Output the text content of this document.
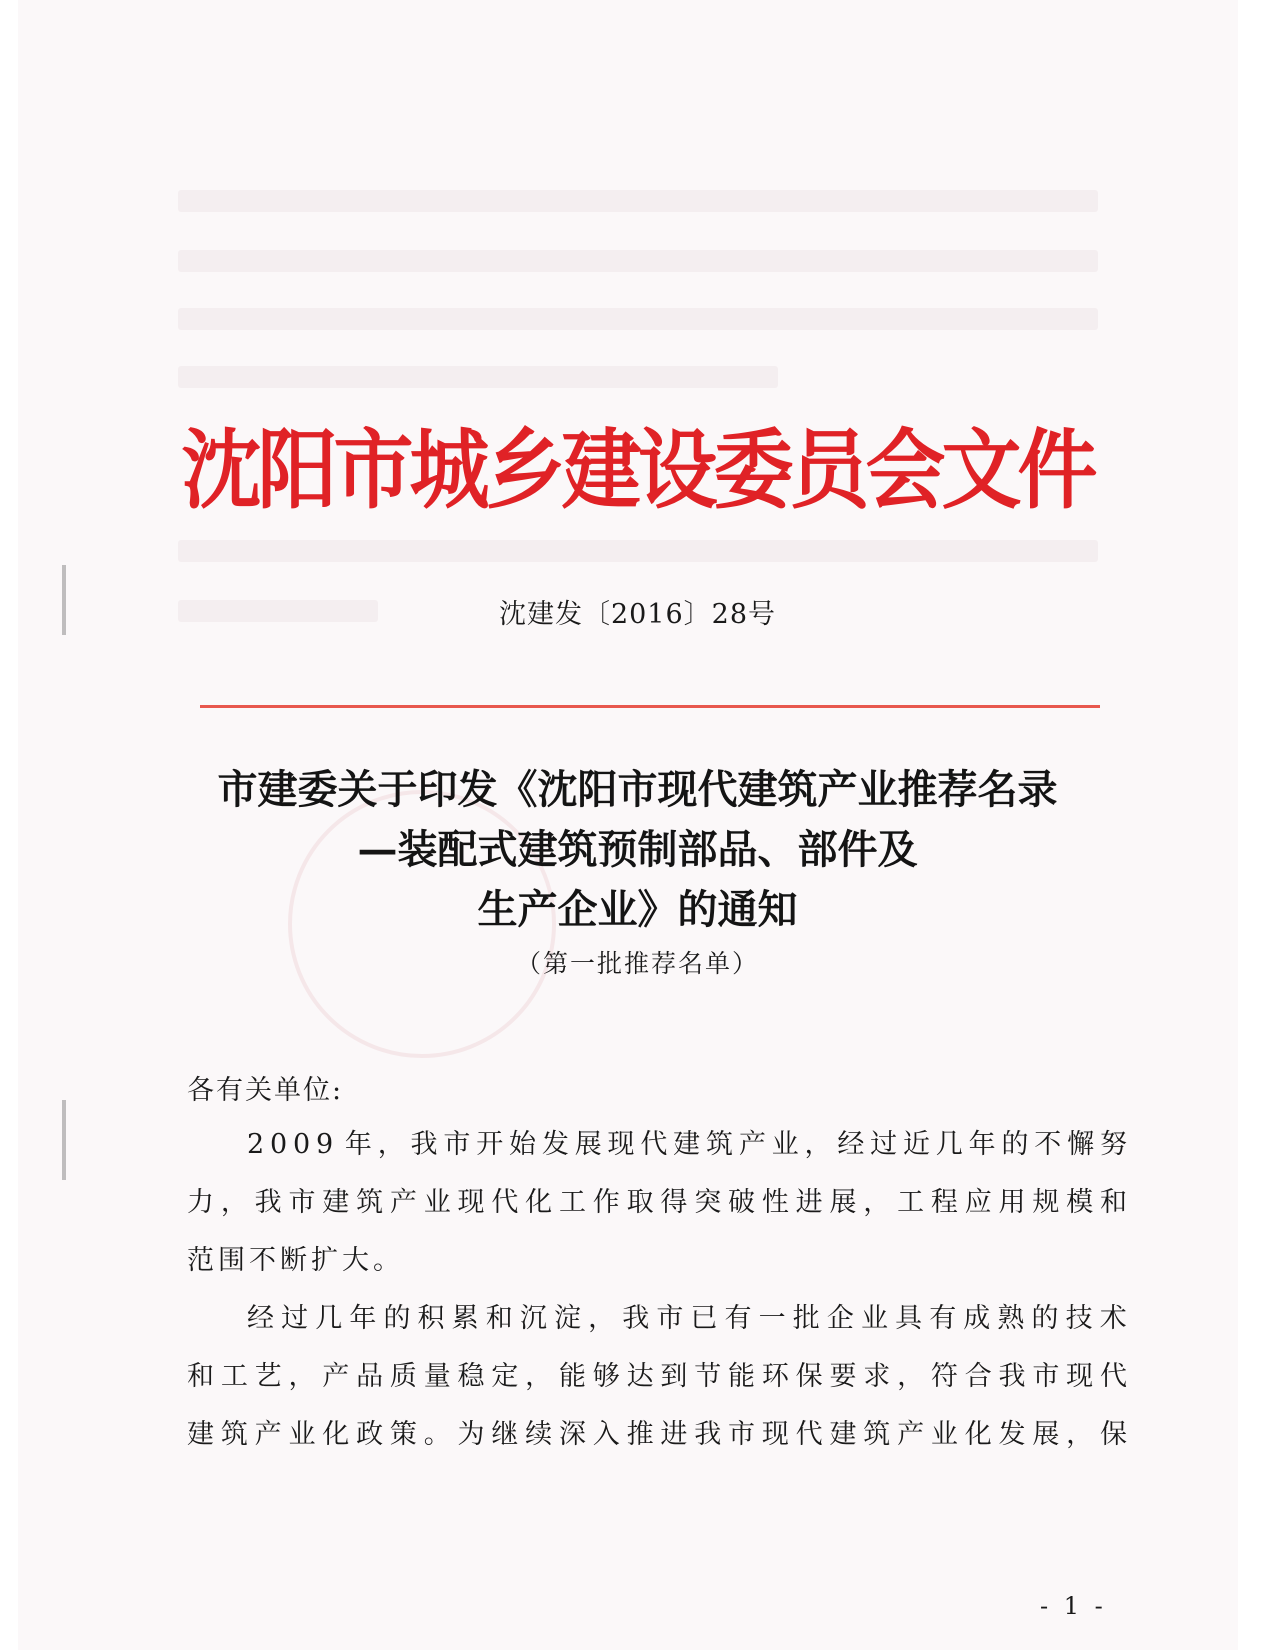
沈阳市城乡建设委员会文件
沈建发〔2016〕28号
市建委关于印发《沈阳市现代建筑产业推荐名录
—装配式建筑预制部品、部件及
生产企业》的通知
（第一批推荐名单）
各有关单位:
2 0 0 9 年 ， 我 市 开 始 发 展 现 代 建 筑 产 业 ， 经 过 近 几 年 的 不 懈 努
力 ， 我 市 建 筑 产 业 现 代 化 工 作 取 得 突 破 性 进 展 ， 工 程 应 用 规 模 和
范围不断扩大。
经 过 几 年 的 积 累 和 沉 淀 ， 我 市 已 有 一 批 企 业 具 有 成 熟 的 技 术
和 工 艺 ， 产 品 质 量 稳 定 ， 能 够 达 到 节 能 环 保 要 求 ， 符 合 我 市 现 代
建 筑 产 业 化 政 策 。 为 继 续 深 入 推 进 我 市 现 代 建 筑 产 业 化 发 展 ， 保
- 1 -
